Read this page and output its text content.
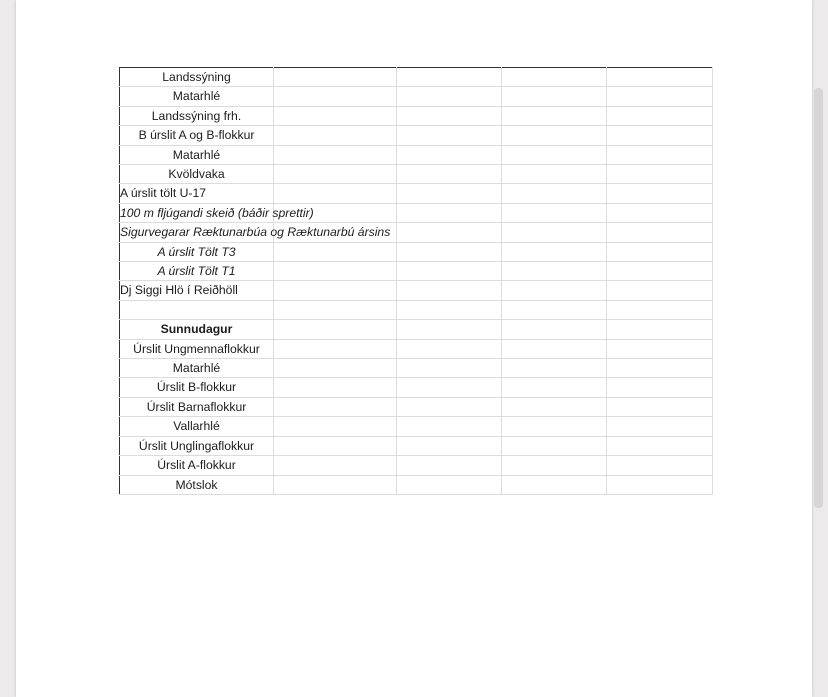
Landssýning				
Matarhlé				
Landssýning frh.				
B úrslit A og B-flokkur				
Matarhlé				
Kvöldvaka				
A úrslit tölt U-17				
100 m fljúgandi skeið (báðir sprettir)				
Sigurvegarar Ræktunarbúa og Ræktunarbú ársins				
A úrslit Tölt T3				
A úrslit Tölt T1				
Dj Siggi Hlö í Reiðhöll				

Sunnudagur				
Úrslit Ungmennaflokkur				
Matarhlé				
Úrslit B-flokkur				
Úrslit Barnaflokkur				
Vallarhlé				
Úrslit Unglingaflokkur				
Úrslit A-flokkur				
Mótslok				
